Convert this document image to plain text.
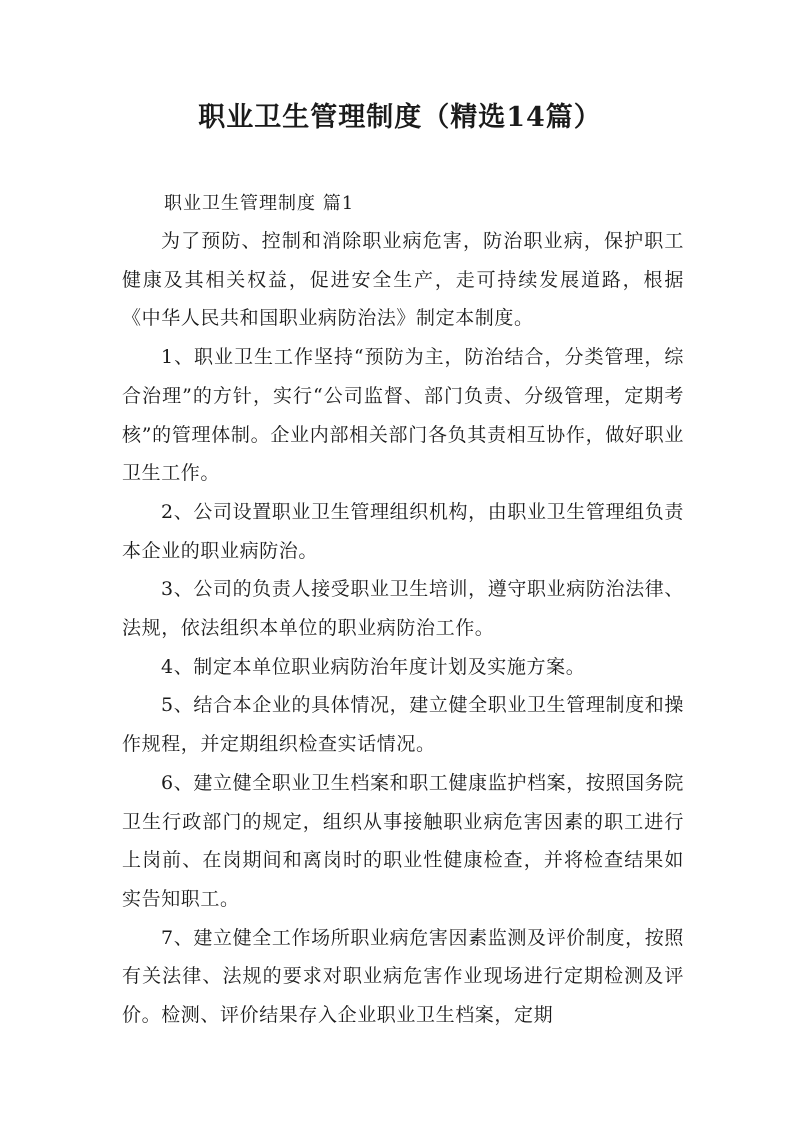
职业卫生管理制度（精选14篇）

职业卫生管理制度 篇1

为了预防、控制和消除职业病危害，防治职业病，保护职工健康及其相关权益，促进安全生产，走可持续发展道路，根据《中华人民共和国职业病防治法》制定本制度。

1、职业卫生工作坚持“预防为主，防治结合，分类管理，综合治理”的方针，实行“公司监督、部门负责、分级管理，定期考核”的管理体制。企业内部相关部门各负其责相互协作，做好职业卫生工作。

2、公司设置职业卫生管理组织机构，由职业卫生管理组负责本企业的职业病防治。

3、公司的负责人接受职业卫生培训，遵守职业病防治法律、法规，依法组织本单位的职业病防治工作。

4、制定本单位职业病防治年度计划及实施方案。

5、结合本企业的具体情况，建立健全职业卫生管理制度和操作规程，并定期组织检查实话情况。

6、建立健全职业卫生档案和职工健康监护档案，按照国务院卫生行政部门的规定，组织从事接触职业病危害因素的职工进行上岗前、在岗期间和离岗时的职业性健康检查，并将检查结果如实告知职工。

7、建立健全工作场所职业病危害因素监测及评价制度，按照有关法律、法规的要求对职业病危害作业现场进行定期检测及评价。检测、评价结果存入企业职业卫生档案，定期
